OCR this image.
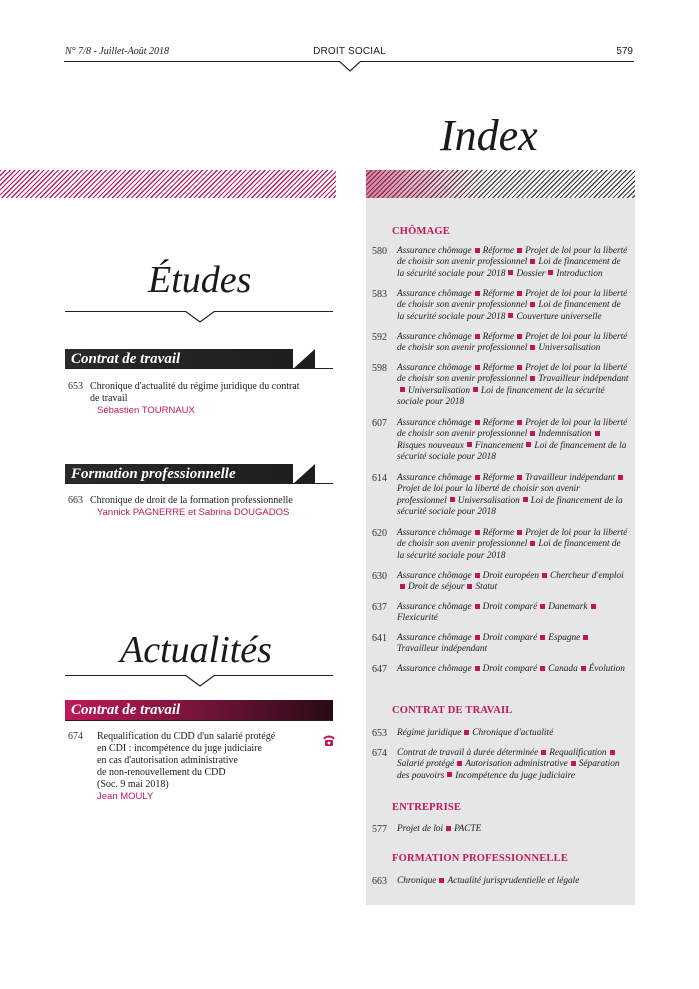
N° 7/8 - Juillet-Août 2018	DROIT SOCIAL	579
Index
CHÔMAGE
CONTRAT DE TRAVAIL
ENTREPRISE
FORMATION PROFESSIONNELLE
580 Assurance chômage Réforme Projet de loi pour la liberté de choisir son avenir professionnel Loi de financement de la sécurité sociale pour 2018 Dossier Introduction
583 Assurance chômage Réforme Projet de loi pour la liberté de choisir son avenir professionnel Loi de financement de la sécurité sociale pour 2018 Couverture universelle
592 Assurance chômage Réforme Projet de loi pour la liberté de choisir son avenir professionnel Universalisation
598 Assurance chômage Réforme Projet de loi pour la liberté de choisir son avenir professionnel Travailleur indépendantUniversalisation Loi de financement de la sécurité sociale pour 2018
607 Assurance chômage Réforme Projet de loi pour la liberté de choisir son avenir professionnel IndemnisationRisques nouveaux Financement Loi de financement de la sécurité sociale pour 2018
614 Assurance chômage Réforme Travailleur indépendantProjet de loi pour la liberté de choisir son avenir professionnel Universalisation Loi de financement de la sécurité sociale pour 2018
620 Assurance chômage Réforme Projet de loi pour la liberté de choisir son avenir professionnel Loi de financement de la sécurité sociale pour 2018
630 Assurance chômage Droit européen Chercheur d'emploiDroit de séjour Statut
637 Assurance chômage Droit comparé DanemarkFlexicurité
641 Assurance chômage Droit comparé EspagneTravailleur indépendant
647 Assurance chômage Droit comparé Canada Évolution
653 Régime juridique Chronique d'actualité
674 Contrat de travail à durée déterminée RequalificationSalarié protégé Autorisation administrative Séparation des pouvoirs Incompétence du juge judiciaire
577 Projet de loi PACTE
663 Chronique Actualité jurisprudentielle et légale
Études
Contrat de travail
653 Chronique d'actualité du régime juridique du contrat
de travail
Sébastien TOURNAUX
Formation professionnelle
663 Chronique de droit de la formation professionnelle
Yannick PAGNERRE et Sabrina DOUGADOS
Actualités
Contrat de travail
674 Requalification du CDD d'un salarié protégé
en CDI : incompétence du juge judiciaire
en cas d'autorisation administrative
de non-renouvellement du CDD
(Soc. 9 mai 2018)
Jean MOULY
